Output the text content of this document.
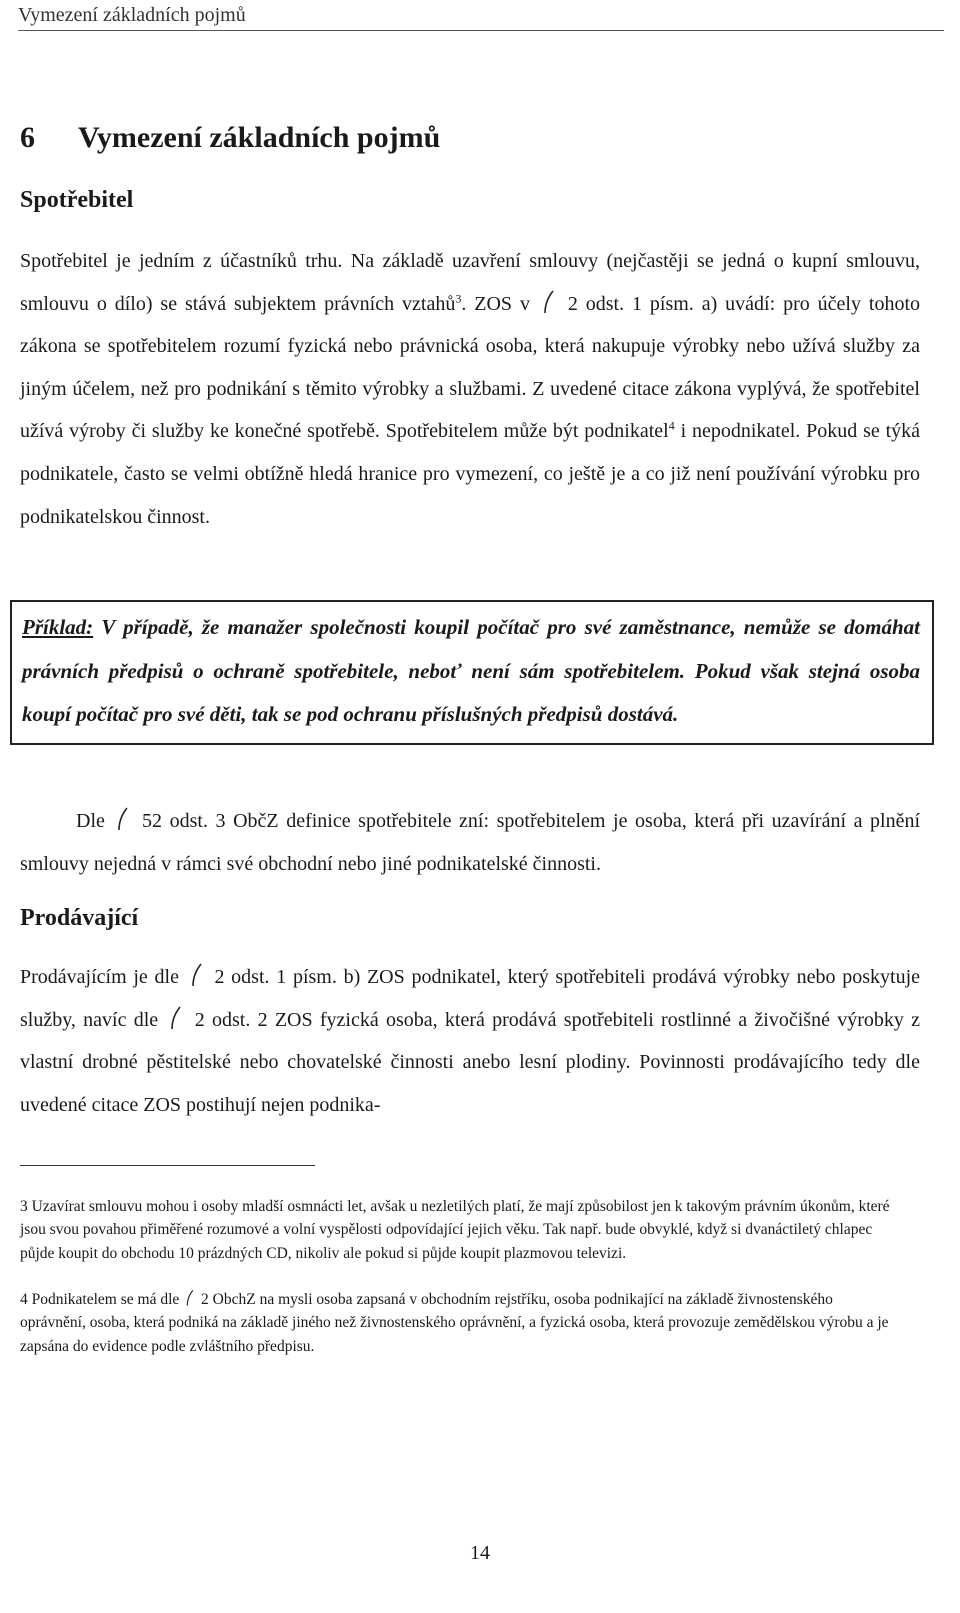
Vymezení základních pojmů
6 Vymezení základních pojmů
Spotřebitel

Spotřebitel je jedním z účastníků trhu. Na základě uzavření smlouvy (nejčastěji se jedná o kupní smlouvu, smlouvu o dílo) se stává subjektem právních vztahů$^3$. ZOS v 2 odst. 1 písm. a) uvádí: pro účely tohoto zákona se spotřebitelem rozumí fyzická nebo právnická osoba, která nakupuje výrobky nebo užívá služby za jiným účelem, než pro podnikání s těmito výrobky a službami. Z uvedené citace zákona vyplývá, že spotřebitel užívá výroby či služby ke konečné spotřebě. Spotřebitelem může být podnikatel$^4$ i nepodnikatel. Pokud se týká podnikatele, často se velmi obtížně hledá hranice pro vymezení, co ještě je a co již není používání výrobku pro podnikatelskou činnost.

Příklad: V případě, že manažer společnosti koupil počítač pro své zaměstnance, nemůže se domáhat právních předpisů o ochraně spotřebitele, neboť není sám spotřebitelem. Pokud však stejná osoba koupí počítač pro své děti, tak se pod ochranu příslušných předpisů dostává.

Dle 52 odst. 3 ObčZ definice spotřebitele zní: spotřebitelem je osoba, která při uzavírání a plnění smlouvy nejedná v rámci své obchodní nebo jiné podnikatelské činnosti.

Prodávající

Prodávajícím je dle 2 odst. 1 písm. b) ZOS podnikatel, který spotřebiteli prodává výrobky nebo poskytuje služby, navíc dle 2 odst. 2 ZOS fyzická osoba, která prodává spotřebiteli rostlinné a živočišné výrobky z vlastní drobné pěstitelské nebo chovatelské činnosti anebo lesní plodiny. Povinnosti prodávajícího tedy dle uvedené citace ZOS postihují nejen podnika-

3 Uzavírat smlouvu mohou i osoby mladší osmnácti let, avšak u nezletilých platí, že mají způsobilost jen k takovým právním úkonům, které jsou svou povahou přiměřené rozumové a volní vyspělosti odpovídající jejich věku. Tak např. bude obvyklé, když si dvanáctiletý chlapec půjde koupit do obchodu 10 prázdných CD, nikoliv ale pokud si půjde koupit plazmovou televizi.

4 Podnikatelem se má dle 2 ObchZ na mysli osoba zapsaná v obchodním rejstříku, osoba podnikající na základě živnostenského oprávnění, osoba, která podniká na základě jiného než živnostenského oprávnění, a fyzická osoba, která provozuje zemědělskou výrobu a je zapsána do evidence podle zvláštního předpisu.

14
